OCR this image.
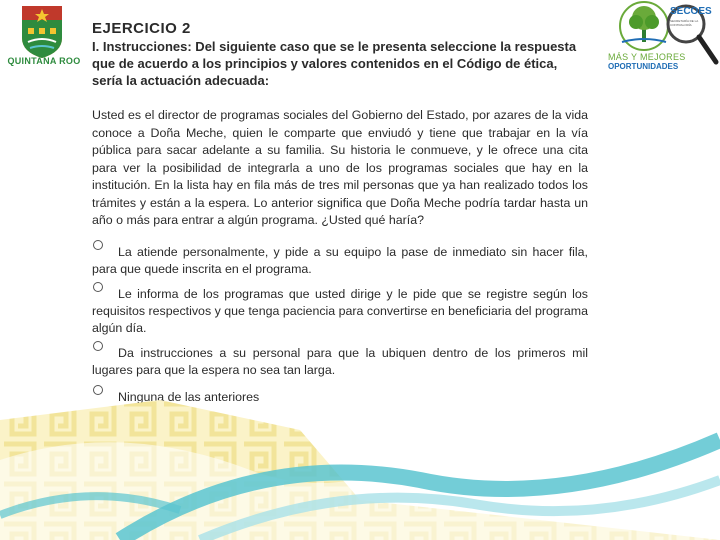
QUINTANA ROO
SECOES
SECRETARÍA DE LA CONTRALORÍA
MÁS Y MEJORES
OPORTUNIDADES
EJERCICIO 2

I. Instrucciones: Del siguiente caso que se le presenta seleccione la respuesta que de acuerdo a los principios y valores contenidos en el Código de ética, sería la actuación adecuada:

Usted es el director de programas sociales del Gobierno del Estado, por azares de la vida conoce a Doña Meche, quien le comparte que enviudó y tiene que trabajar en la vía pública para sacar adelante a su familia. Su historia le conmueve, y le ofrece una cita para ver la posibilidad de integrarla a uno de los programas sociales que hay en la institución. En la lista hay en fila más de tres mil personas que ya han realizado todos los trámites y están a la espera. Lo anterior significa que Doña Meche podría tardar hasta un año o más para entrar a algún programa. ¿Usted qué haría?

La atiende personalmente, y pide a su equipo la pase de inmediato sin hacer fila, para que quede inscrita en el programa.
Le informa de los programas que usted dirige y le pide que se registre según los requisitos respectivos y que tenga paciencia para convertirse en beneficiaria del programa algún día.
Da instrucciones a su personal para que la ubiquen dentro de los primeros mil lugares para que la espera no sea tan larga.
Ninguna de las anteriores
